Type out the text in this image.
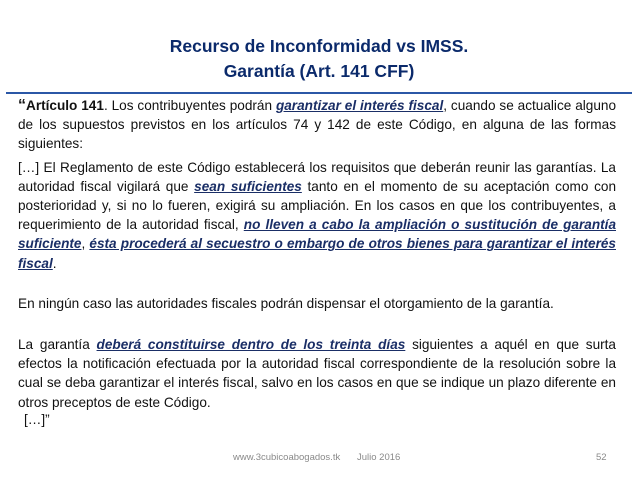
Recurso de Inconformidad vs IMSS.
Garantía (Art. 141 CFF)

“Artículo 141. Los contribuyentes podrán garantizar el interés fiscal, cuando se actualice alguno de los supuestos previstos en los artículos 74 y 142 de este Código, en alguna de las formas siguientes:

[…] El Reglamento de este Código establecerá los requisitos que deberán reunir las garantías. La autoridad fiscal vigilará que sean suficientes tanto en el momento de su aceptación como con posterioridad y, si no lo fueren, exigirá su ampliación. En los casos en que los contribuyentes, a requerimiento de la autoridad fiscal, no lleven a cabo la ampliación o sustitución de garantía suficiente, ésta procederá al secuestro o embargo de otros bienes para garantizar el interés fiscal.

En ningún caso las autoridades fiscales podrán dispensar el otorgamiento de la garantía.

La garantía deberá constituirse dentro de los treinta días siguientes a aquél en que surta efectos la notificación efectuada por la autoridad fiscal correspondiente de la resolución sobre la cual se deba garantizar el interés fiscal, salvo en los casos en que se indique un plazo diferente en otros preceptos de este Código.

[…]”

www.3cubicoabogados.tk Julio 2016	52
